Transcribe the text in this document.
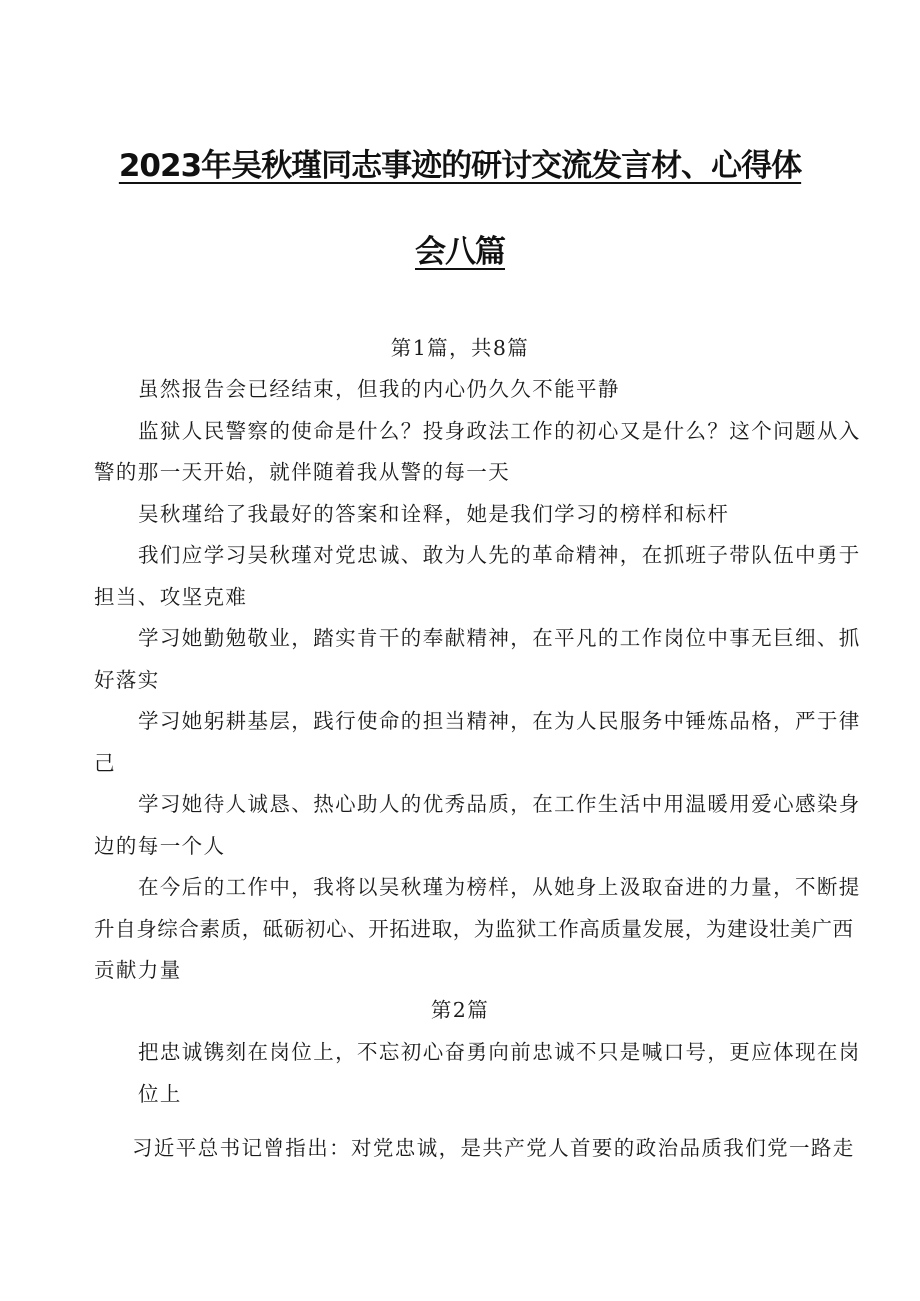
2023年吴秋瑾同志事迹的研讨交流发言材、心得体
会八篇

第1篇，共8篇

虽然报告会已经结束，但我的内心仍久久不能平静

监狱人民警察的使命是什么？投身政法工作的初心又是什么？这个问题从入

警的那一天开始，就伴随着我从警的每一天

吴秋瑾给了我最好的答案和诠释，她是我们学习的榜样和标杆

我们应学习吴秋瑾对党忠诚、敢为人先的革命精神，在抓班子带队伍中勇于

担当、攻坚克难

学习她勤勉敬业，踏实肯干的奉献精神，在平凡的工作岗位中事无巨细、抓

好落实

学习她躬耕基层，践行使命的担当精神，在为人民服务中锤炼品格，严于律

己

学习她待人诚恳、热心助人的优秀品质，在工作生活中用温暖用爱心感染身

边的每一个人

在今后的工作中，我将以吴秋瑾为榜样，从她身上汲取奋进的力量，不断提

升自身综合素质，砥砺初心、开拓进取，为监狱工作高质量发展，为建设壮美广西

贡献力量

第2篇

把忠诚镌刻在岗位上，不忘初心奋勇向前忠诚不只是喊口号，更应体现在岗

位上

习近平总书记曾指出：对党忠诚，是共产党人首要的政治品质我们党一路走
